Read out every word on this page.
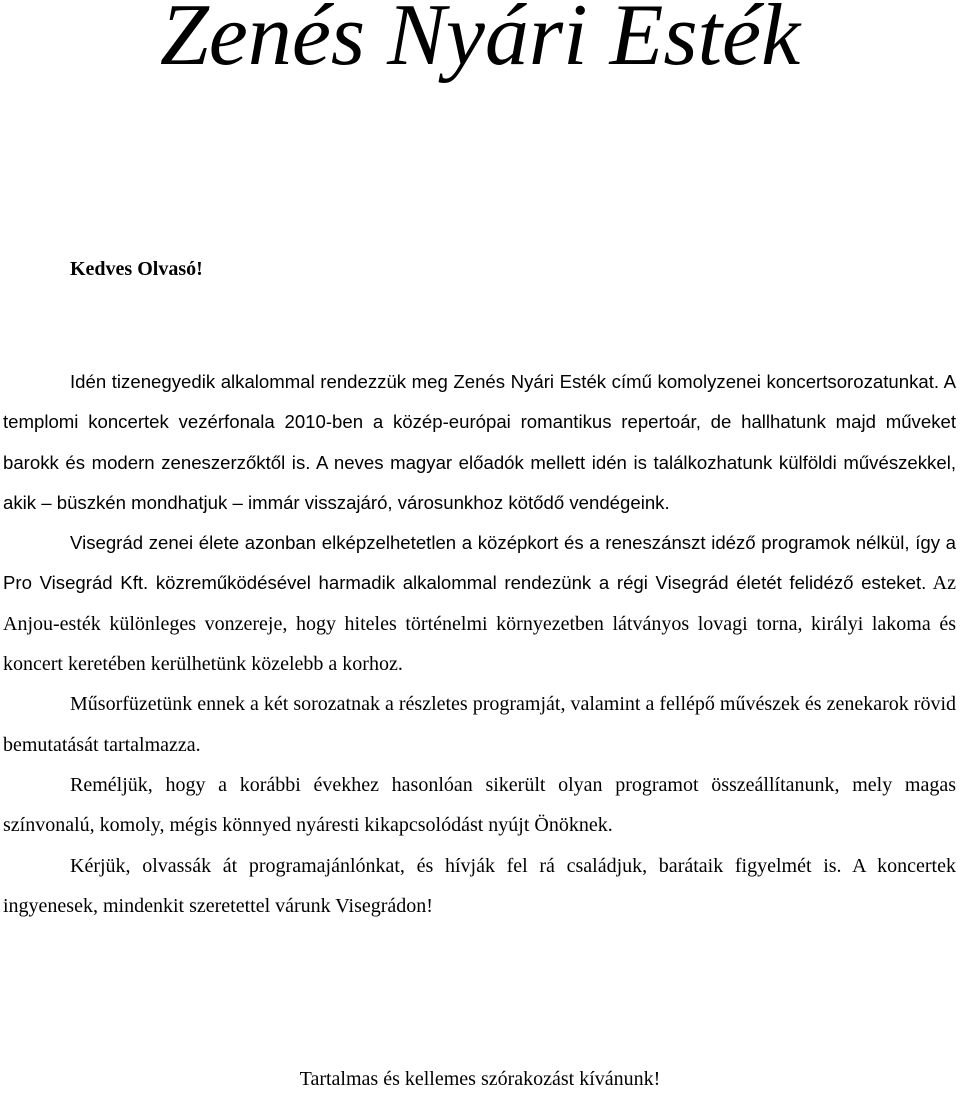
Zenés Nyári Esték

Kedves Olvasó!

Idén tizenegyedik alkalommal rendezzük meg Zenés Nyári Esték című komolyzenei koncertsorozatunkat. A templomi koncertek vezérfonala 2010-ben a közép-európai romantikus repertoár, de hallhatunk majd műveket barokk és modern zeneszerzőktől is. A neves magyar előadók mellett idén is találkozhatunk külföldi művészekkel, akik – büszkén mondhatjuk – immár visszajáró, városunkhoz kötődő vendégeink.

Visegrád zenei élete azonban elképzelhetetlen a középkort és a reneszánszt idéző programok nélkül, így a Pro Visegrád Kft. közreműködésével harmadik alkalommal rendezünk a régi Visegrád életét felidéző esteket. Az Anjou-esték különleges vonzereje, hogy hiteles történelmi környezetben látványos lovagi torna, királyi lakoma és koncert keretében kerülhetünk közelebb a korhoz.

Műsorfüzetünk ennek a két sorozatnak a részletes programját, valamint a fellépő művészek és zenekarok rövid bemutatását tartalmazza.

Reméljük, hogy a korábbi évekhez hasonlóan sikerült olyan programot összeállítanunk, mely magas színvonalú, komoly, mégis könnyed nyáresti kikapcsolódást nyújt Önöknek.

Kérjük, olvassák át programajánlónkat, és hívják fel rá családjuk, barátaik figyelmét is. A koncertek ingyenesek, mindenkit szeretettel várunk Visegrádon!

Tartalmas és kellemes szórakozást kívánunk!
